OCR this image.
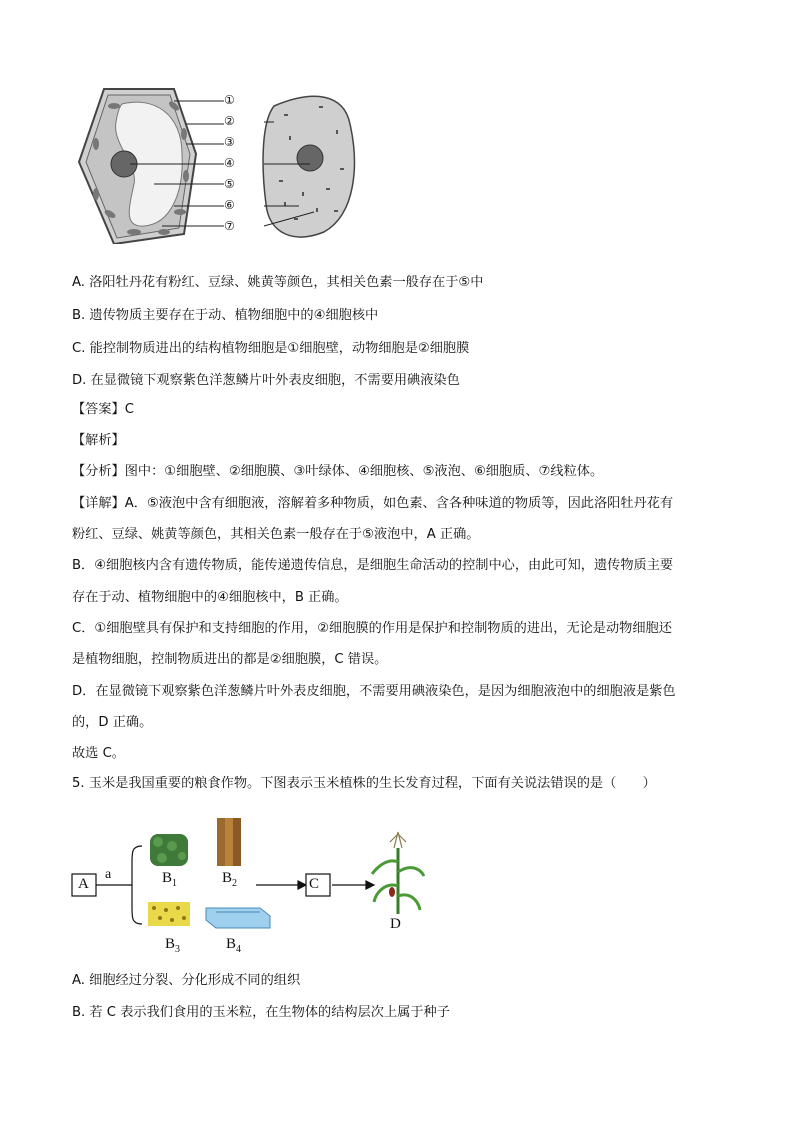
①
②
③
④
⑤
⑥
⑦
A. 洛阳牡丹花有粉红、豆绿、姚黄等颜色，其相关色素一般存在于⑤中
B. 遗传物质主要存在于动、植物细胞中的④细胞核中
C. 能控制物质进出的结构植物细胞是①细胞壁，动物细胞是②细胞膜
D. 在显微镜下观察紫色洋葱鳞片叶外表皮细胞，不需要用碘液染色
【答案】C
【解析】
【分析】图中：①细胞壁、②细胞膜、③叶绿体、④细胞核、⑤液泡、⑥细胞质、⑦线粒体。
【详解】A．⑤液泡中含有细胞液，溶解着多种物质，如色素、含各种味道的物质等，因此洛阳牡丹花有
粉红、豆绿、姚黄等颜色，其相关色素一般存在于⑤液泡中，A 正确。
B．④细胞核内含有遗传物质，能传递遗传信息，是细胞生命活动的控制中心，由此可知，遗传物质主要
存在于动、植物细胞中的④细胞核中，B 正确。
C．①细胞壁具有保护和支持细胞的作用，②细胞膜的作用是保护和控制物质的进出，无论是动物细胞还
是植物细胞，控制物质进出的都是②细胞膜，C 错误。
D．在显微镜下观察紫色洋葱鳞片叶外表皮细胞，不需要用碘液染色，是因为细胞液泡中的细胞液是紫色
的，D 正确。
故选 C。
5. 玉米是我国重要的粮食作物。下图表示玉米植株的生长发育过程，下面有关说法错误的是（　　）
A
a	$B_1$	$B_2$
$B_3$	$B_4$
C
D
A. 细胞经过分裂、分化形成不同的组织
B. 若 C 表示我们食用的玉米粒，在生物体的结构层次上属于种子
